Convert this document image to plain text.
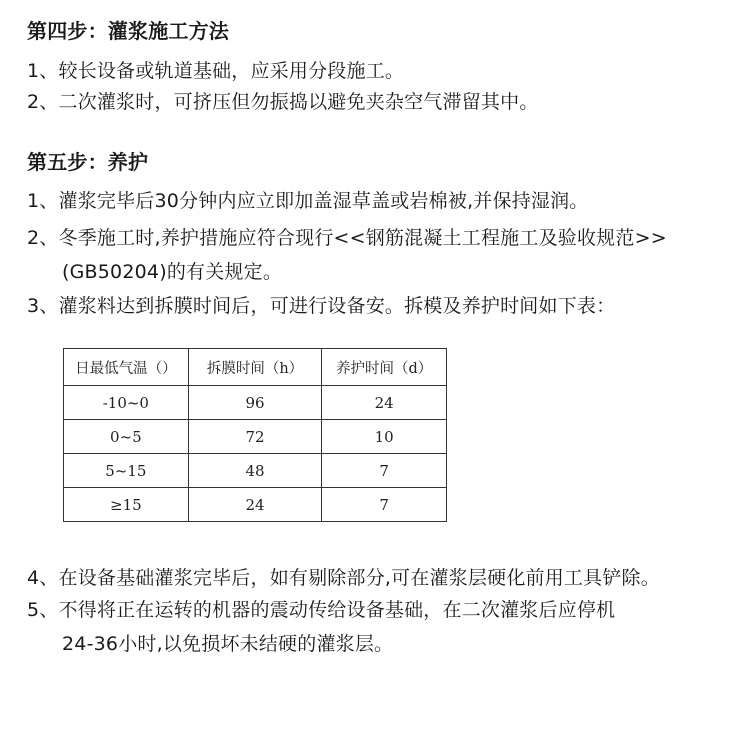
第四步：灌浆施工方法
1、较长设备或轨道基础，应采用分段施工。
2、二次灌浆时，可挤压但勿振捣以避免夹杂空气滞留其中。
第五步：养护
1、灌浆完毕后30分钟内应立即加盖湿草盖或岩棉被,并保持湿润。
2、冬季施工时,养护措施应符合现行<<钢筋混凝土工程施工及验收规范>>
(GB50204)的有关规定。
3、灌浆料达到拆膜时间后，可进行设备安。拆模及养护时间如下表：
日最低气温（）	拆膜时间（h）	养护时间（d）
-10~0	96	24
0~5	72	10
5~15	48	7
≥15	24	7
4、在设备基础灌浆完毕后，如有剔除部分,可在灌浆层硬化前用工具铲除。
5、不得将正在运转的机器的震动传给设备基础，在二次灌浆后应停机
24-36小时,以免损坏未结硬的灌浆层。
